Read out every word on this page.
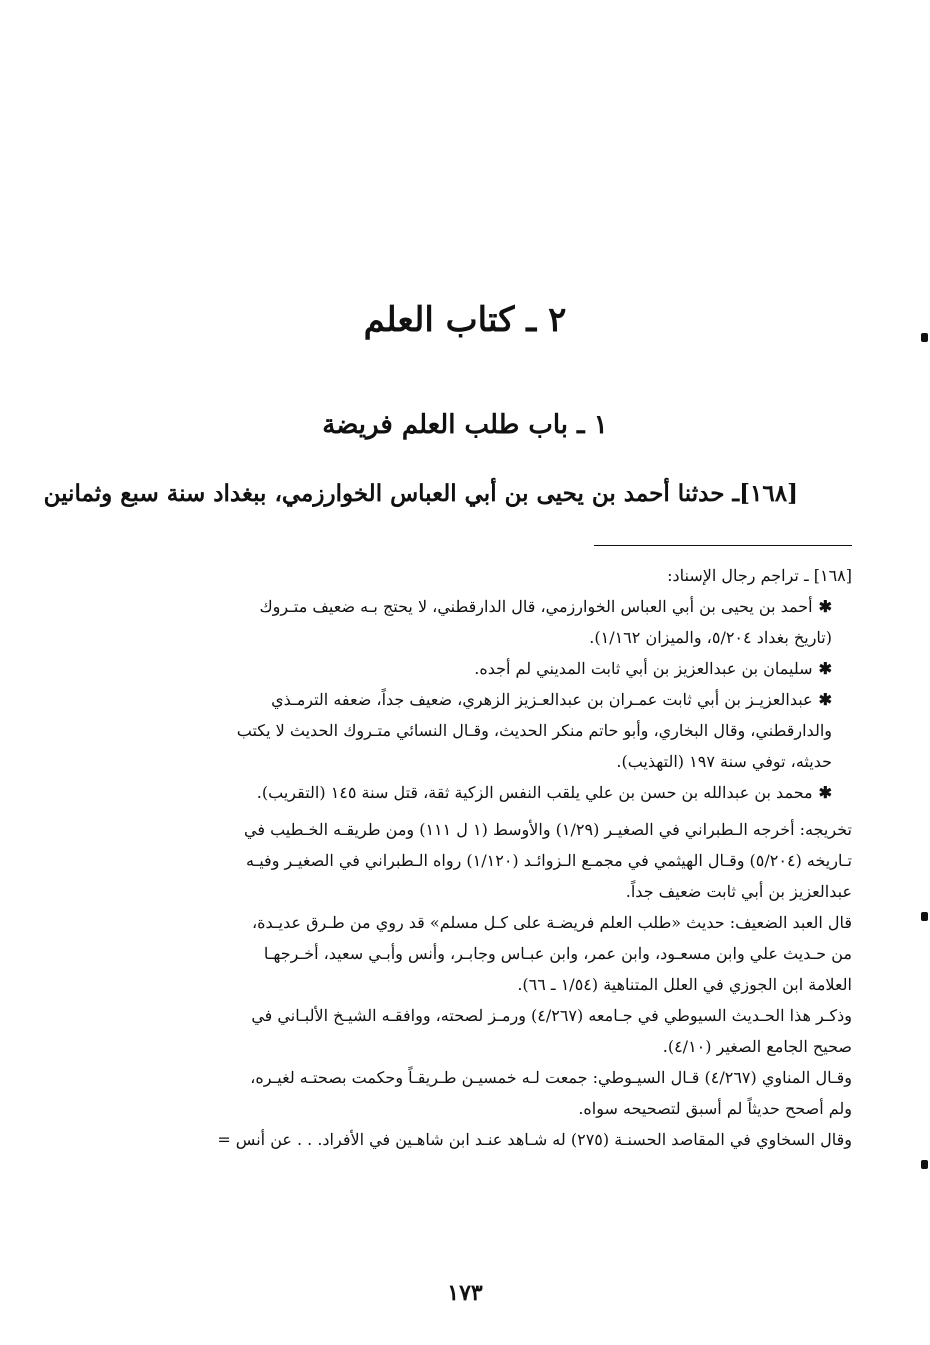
٢ ـ كتاب العلم
١ ـ باب طلب العلم فريضة
[١٦٨]ـ حدثنا أحمد بن يحيى بن أبي العباس الخوارزمي، ببغداد سنة سبع وثمانين
[١٦٨] ـ تراجم رجال الإسناد:
✱أحمد بن يحيى بن أبي العباس الخوارزمي، قال الدارقطني، لا يحتج بـه ضعيف متـروك
(تاريخ بغداد ٥/٢٠٤، والميزان ١/١٦٢).
✱سليمان بن عبدالعزيز بن أبي ثابت المديني لم أجده.
✱عبدالعزيـز بن أبي ثابت عمـران بن عبدالعـزيز الزهري، ضعيف جداً، ضعفه الترمـذي
والدارقطني، وقال البخاري، وأبو حاتم منكر الحديث، وقـال النسائي متـروك الحديث لا يكتب
حديثه، توفي سنة ١٩٧ (التهذيب).
✱محمد بن عبدالله بن حسن بن علي يلقب النفس الزكية ثقة، قتل سنة ١٤٥ (التقريب).
تخريجه: أخرجه الـطبراني في الصغيـر (١/٢٩) والأوسط (١ ل ١١١) ومن طريقـه الخـطيب في
تـاريخه (٥/٢٠٤) وقـال الهيثمي في مجمـع الـزوائـد (١/١٢٠) رواه الـطبراني في الصغيـر وفيـه
عبدالعزيز بن أبي ثابت ضعيف جداً.
قال العبد الضعيف: حديث «طلب العلم فريضـة على كـل مسلم» قد روي من طـرق عديـدة،
من حـديث علي وابن مسعـود، وابن عمر، وابن عبـاس وجابـر، وأنس وأبـي سعيد، أخـرجهـا
العلامة ابن الجوزي في العلل المتناهية (١/٥٤ ـ ٦٦).
وذكـر هذا الحـديث السيوطي في جـامعه (٤/٢٦٧) ورمـز لصحته، ووافقـه الشيـخ الألبـاني في
صحيح الجامع الصغير (٤/١٠).
وقـال المناوي (٤/٢٦٧) قـال السيـوطي: جمعت لـه خمسيـن طـريقـاً وحكمت بصحتـه لغيـره،
ولم أصحح حديثاً لم أسبق لتصحيحه سواه.
وقال السخاوي في المقاصد الحسنـة (٢٧٥) له شـاهد عنـد ابن شاهـين في الأفراد. . . عن أنس =
١٧٣
